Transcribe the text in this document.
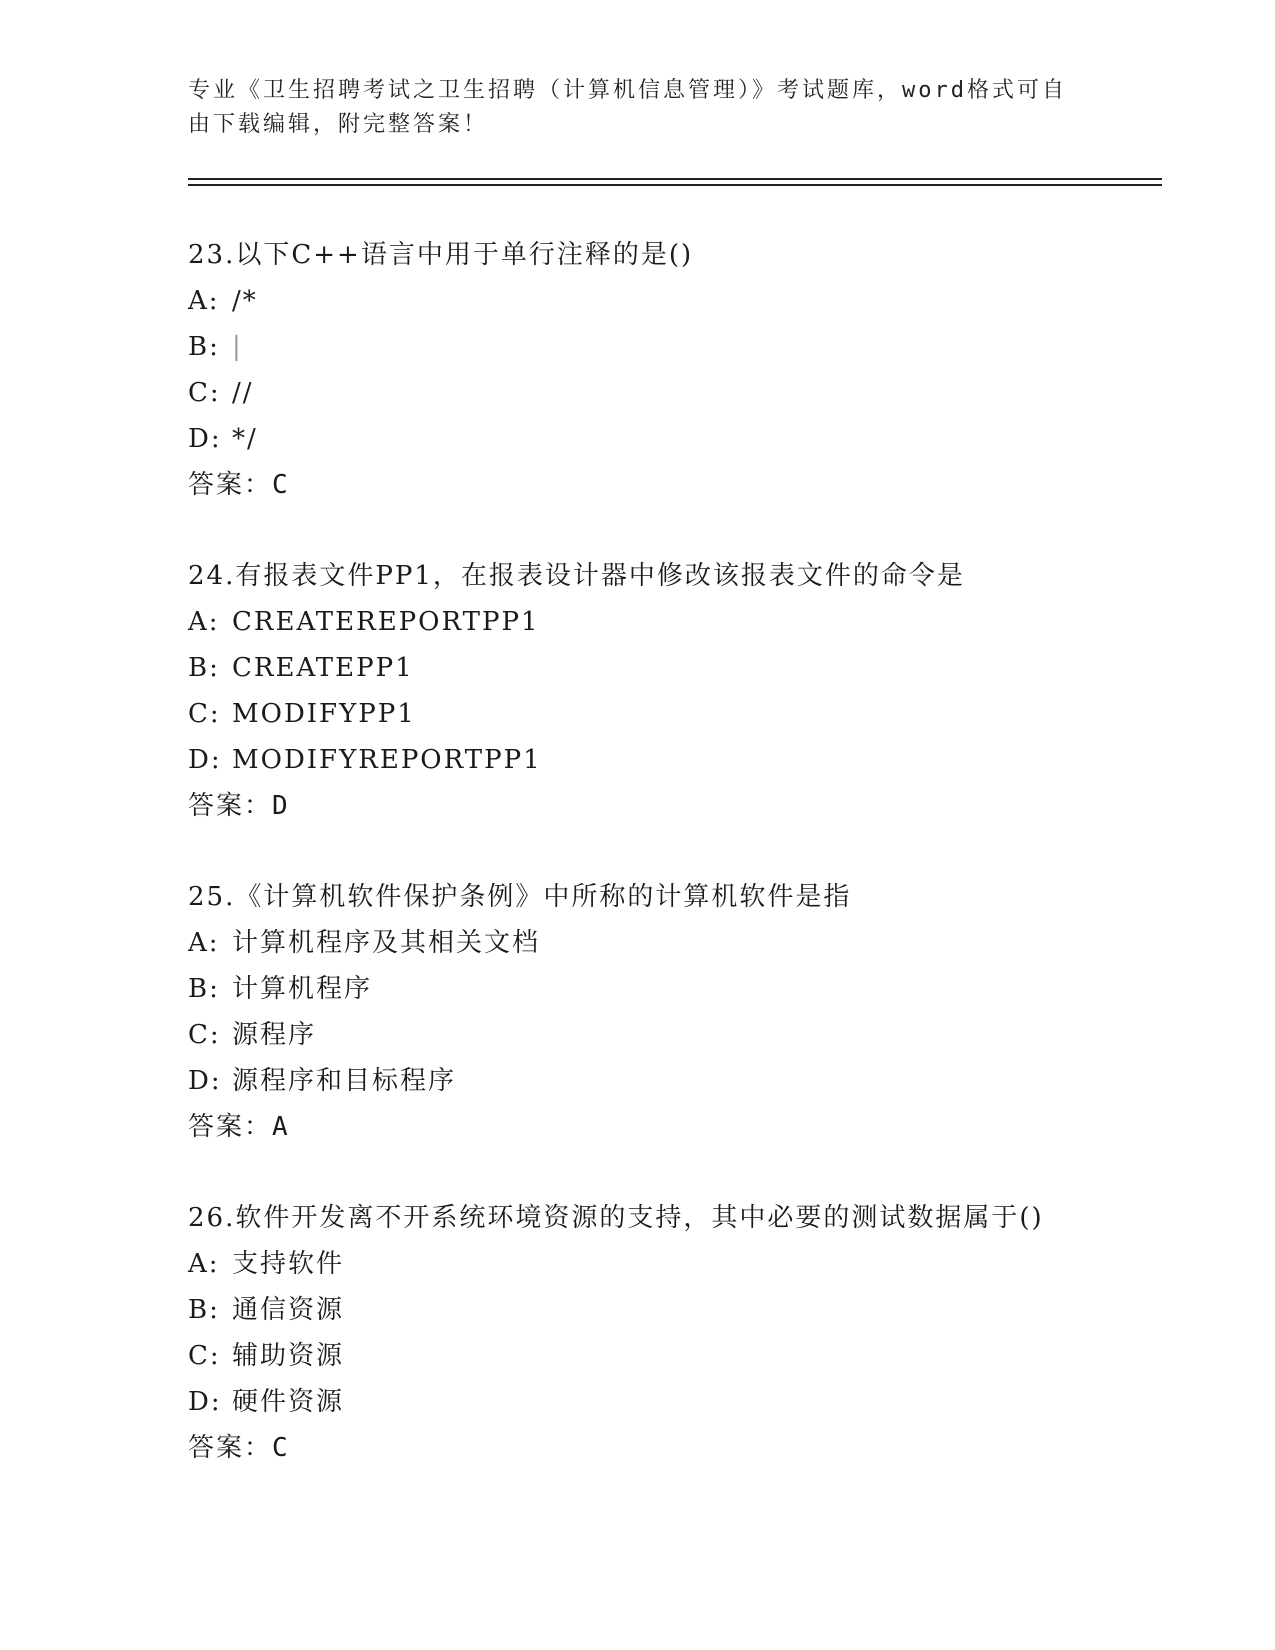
专业《卫生招聘考试之卫生招聘（计算机信息管理）》考试题库，word格式可自
由下载编辑，附完整答案！
23.以下C++语言中用于单行注释的是()
A: /*
B: |
C: //
D: */
答案：C
24.有报表文件PP1，在报表设计器中修改该报表文件的命令是
A: CREATEREPORTPP1
B: CREATEPP1
C: MODIFYPP1
D: MODIFYREPORTPP1
答案：D
25.《计算机软件保护条例》中所称的计算机软件是指
A: 计算机程序及其相关文档
B: 计算机程序
C: 源程序
D: 源程序和目标程序
答案：A
26.软件开发离不开系统环境资源的支持，其中必要的测试数据属于()
A: 支持软件
B: 通信资源
C: 辅助资源
D: 硬件资源
答案：C
